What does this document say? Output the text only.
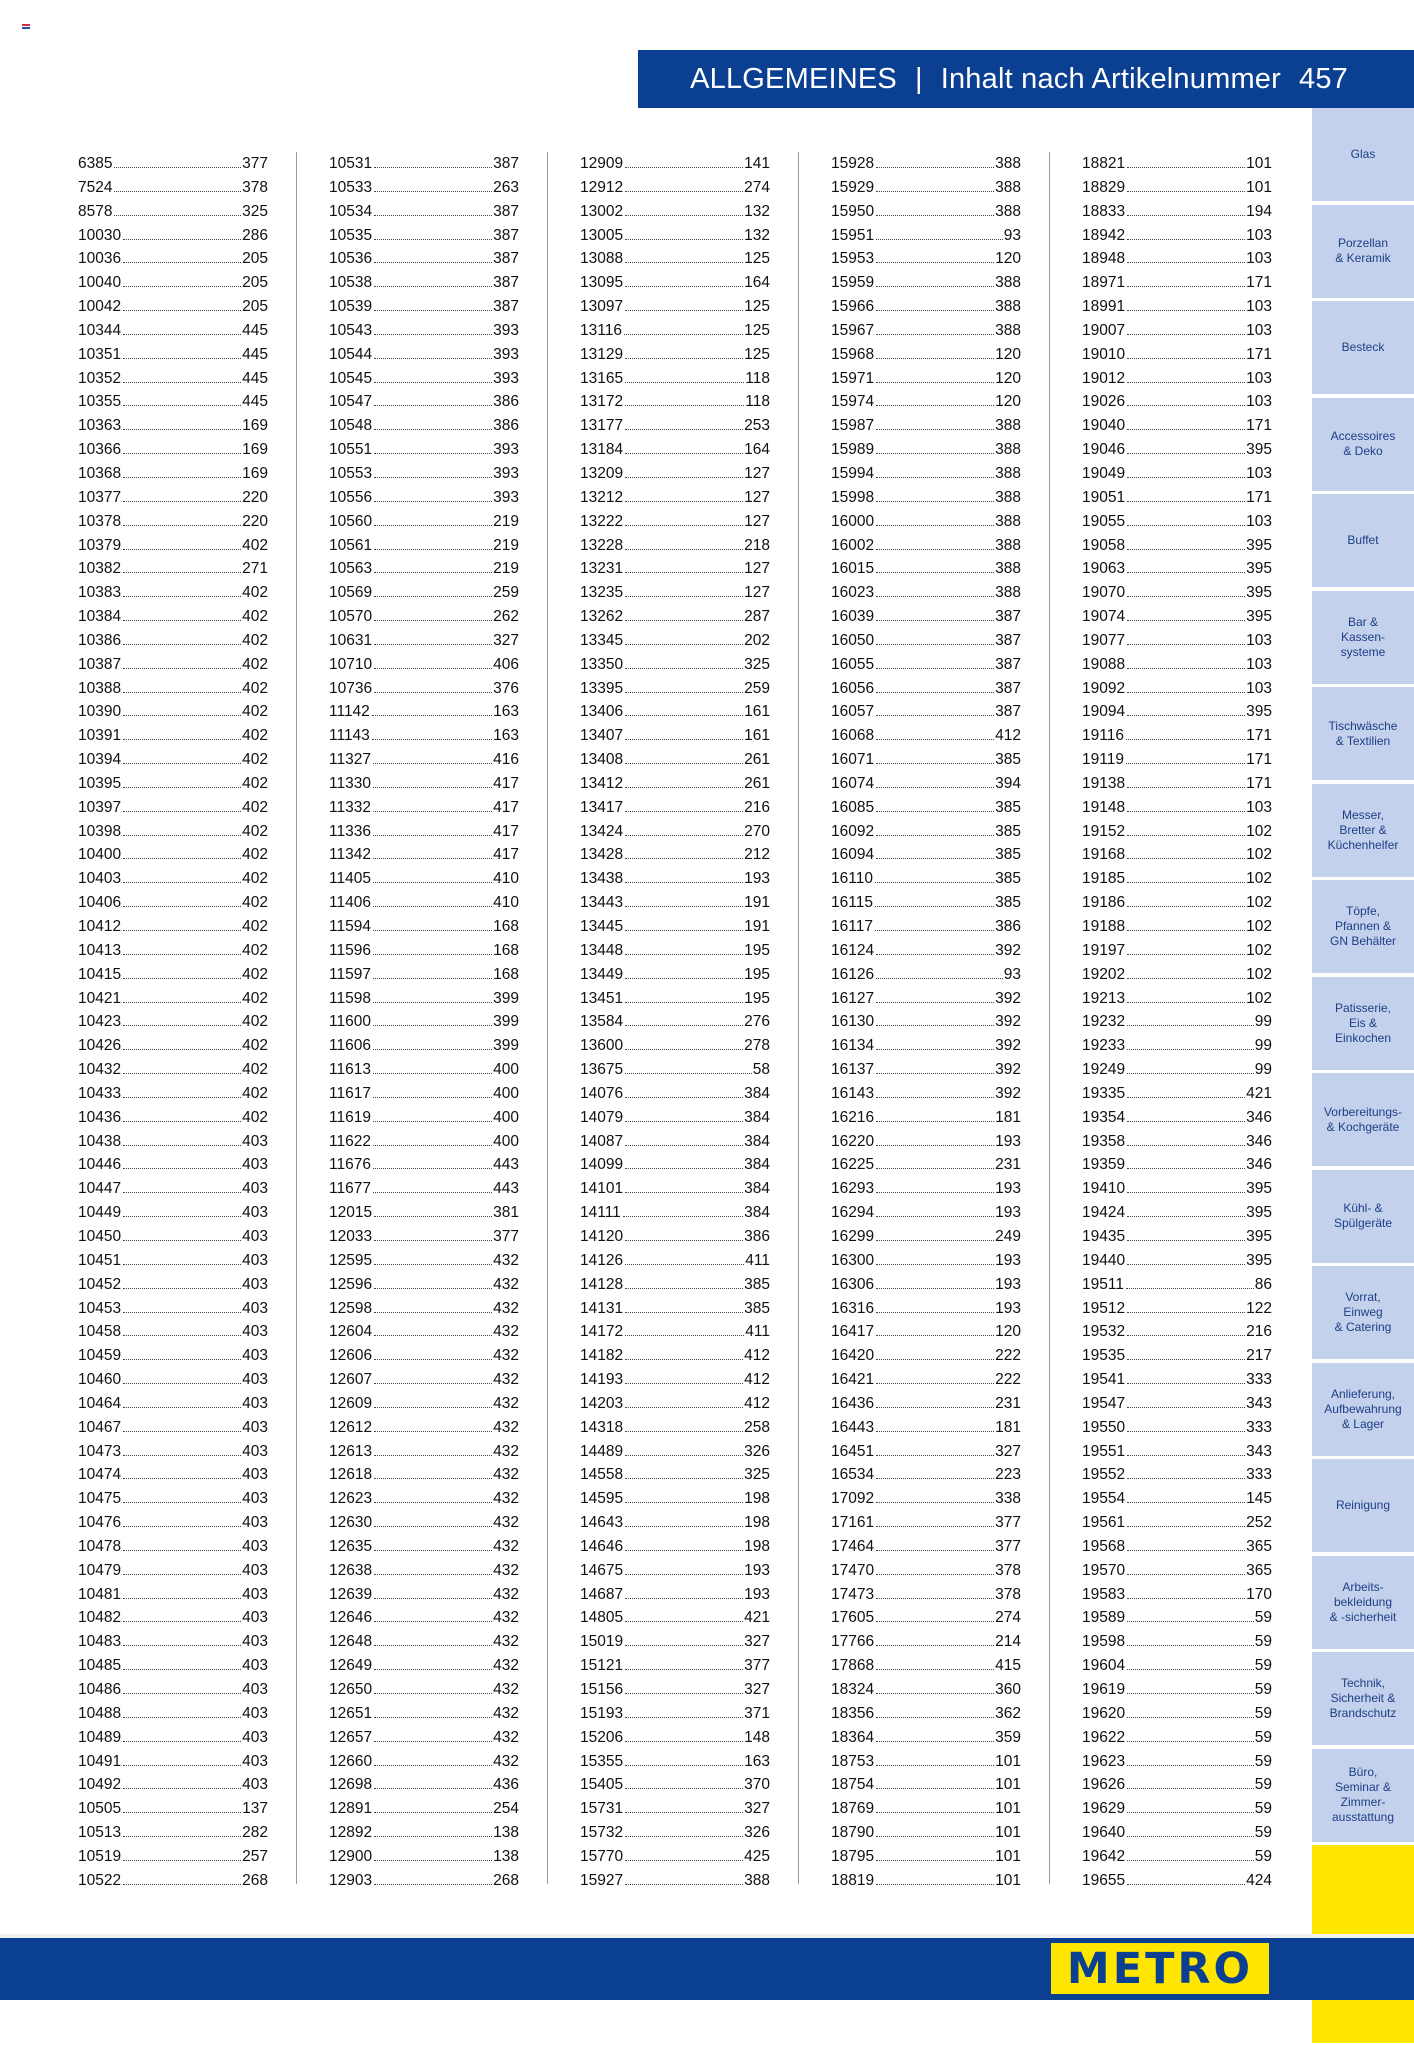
ALLGEMEINES | Inhalt nach Artikelnummer 457
6385	377
7524	378
8578	325
10030	286
10036	205
10040	205
10042	205
10344	445
10351	445
10352	445
10355	445
10363	169
10366	169
10368	169
10377	220
10378	220
10379	402
10382	271
10383	402
10384	402
10386	402
10387	402
10388	402
10390	402
10391	402
10394	402
10395	402
10397	402
10398	402
10400	402
10403	402
10406	402
10412	402
10413	402
10415	402
10421	402
10423	402
10426	402
10432	402
10433	402
10436	402
10438	403
10446	403
10447	403
10449	403
10450	403
10451	403
10452	403
10453	403
10458	403
10459	403
10460	403
10464	403
10467	403
10473	403
10474	403
10475	403
10476	403
10478	403
10479	403
10481	403
10482	403
10483	403
10485	403
10486	403
10488	403
10489	403
10491	403
10492	403
10505	137
10513	282
10519	257
10522	268
10531	387
10533	263
10534	387
10535	387
10536	387
10538	387
10539	387
10543	393
10544	393
10545	393
10547	386
10548	386
10551	393
10553	393
10556	393
10560	219
10561	219
10563	219
10569	259
10570	262
10631	327
10710	406
10736	376
11142	163
11143	163
11327	416
11330	417
11332	417
11336	417
11342	417
11405	410
11406	410
11594	168
11596	168
11597	168
11598	399
11600	399
11606	399
11613	400
11617	400
11619	400
11622	400
11676	443
11677	443
12015	381
12033	377
12595	432
12596	432
12598	432
12604	432
12606	432
12607	432
12609	432
12612	432
12613	432
12618	432
12623	432
12630	432
12635	432
12638	432
12639	432
12646	432
12648	432
12649	432
12650	432
12651	432
12657	432
12660	432
12698	436
12891	254
12892	138
12900	138
12903	268
12909	141
12912	274
13002	132
13005	132
13088	125
13095	164
13097	125
13116	125
13129	125
13165	118
13172	118
13177	253
13184	164
13209	127
13212	127
13222	127
13228	218
13231	127
13235	127
13262	287
13345	202
13350	325
13395	259
13406	161
13407	161
13408	261
13412	261
13417	216
13424	270
13428	212
13438	193
13443	191
13445	191
13448	195
13449	195
13451	195
13584	276
13600	278
13675	58
14076	384
14079	384
14087	384
14099	384
14101	384
14111	384
14120	386
14126	411
14128	385
14131	385
14172	411
14182	412
14193	412
14203	412
14318	258
14489	326
14558	325
14595	198
14643	198
14646	198
14675	193
14687	193
14805	421
15019	327
15121	377
15156	327
15193	371
15206	148
15355	163
15405	370
15731	327
15732	326
15770	425
15927	388
15928	388
15929	388
15950	388
15951	93
15953	120
15959	388
15966	388
15967	388
15968	120
15971	120
15974	120
15987	388
15989	388
15994	388
15998	388
16000	388
16002	388
16015	388
16023	388
16039	387
16050	387
16055	387
16056	387
16057	387
16068	412
16071	385
16074	394
16085	385
16092	385
16094	385
16110	385
16115	385
16117	386
16124	392
16126	93
16127	392
16130	392
16134	392
16137	392
16143	392
16216	181
16220	193
16225	231
16293	193
16294	193
16299	249
16300	193
16306	193
16316	193
16417	120
16420	222
16421	222
16436	231
16443	181
16451	327
16534	223
17092	338
17161	377
17464	377
17470	378
17473	378
17605	274
17766	214
17868	415
18324	360
18356	362
18364	359
18753	101
18754	101
18769	101
18790	101
18795	101
18819	101
18821	101
18829	101
18833	194
18942	103
18948	103
18971	171
18991	103
19007	103
19010	171
19012	103
19026	103
19040	171
19046	395
19049	103
19051	171
19055	103
19058	395
19063	395
19070	395
19074	395
19077	103
19088	103
19092	103
19094	395
19116	171
19119	171
19138	171
19148	103
19152	102
19168	102
19185	102
19186	102
19188	102
19197	102
19202	102
19213	102
19232	99
19233	99
19249	99
19335	421
19354	346
19358	346
19359	346
19410	395
19424	395
19435	395
19440	395
19511	86
19512	122
19532	216
19535	217
19541	333
19547	343
19550	333
19551	343
19552	333
19554	145
19561	252
19568	365
19570	365
19583	170
19589	59
19598	59
19604	59
19619	59
19620	59
19622	59
19623	59
19626	59
19629	59
19640	59
19642	59
19655	424
Glas
Porzellan
& Keramik
Besteck
Accessoires
& Deko
Buffet
Bar &
Kassen-
systeme
Tischwäsche
& Textilien
Messer,
Bretter &
Küchenhelfer
Töpfe,
Pfannen &
GN Behälter
Patisserie,
Eis &
Einkochen
Vorbereitungs-
& Kochgeräte
Kühl- &
Spülgeräte
Vorrat,
Einweg
& Catering
Anlieferung,
Aufbewahrung
& Lager
Reinigung
Arbeits-
bekleidung
& -sicherheit
Technik,
Sicherheit &
Brandschutz
Büro,
Seminar &
Zimmer-
ausstattung
METRO
